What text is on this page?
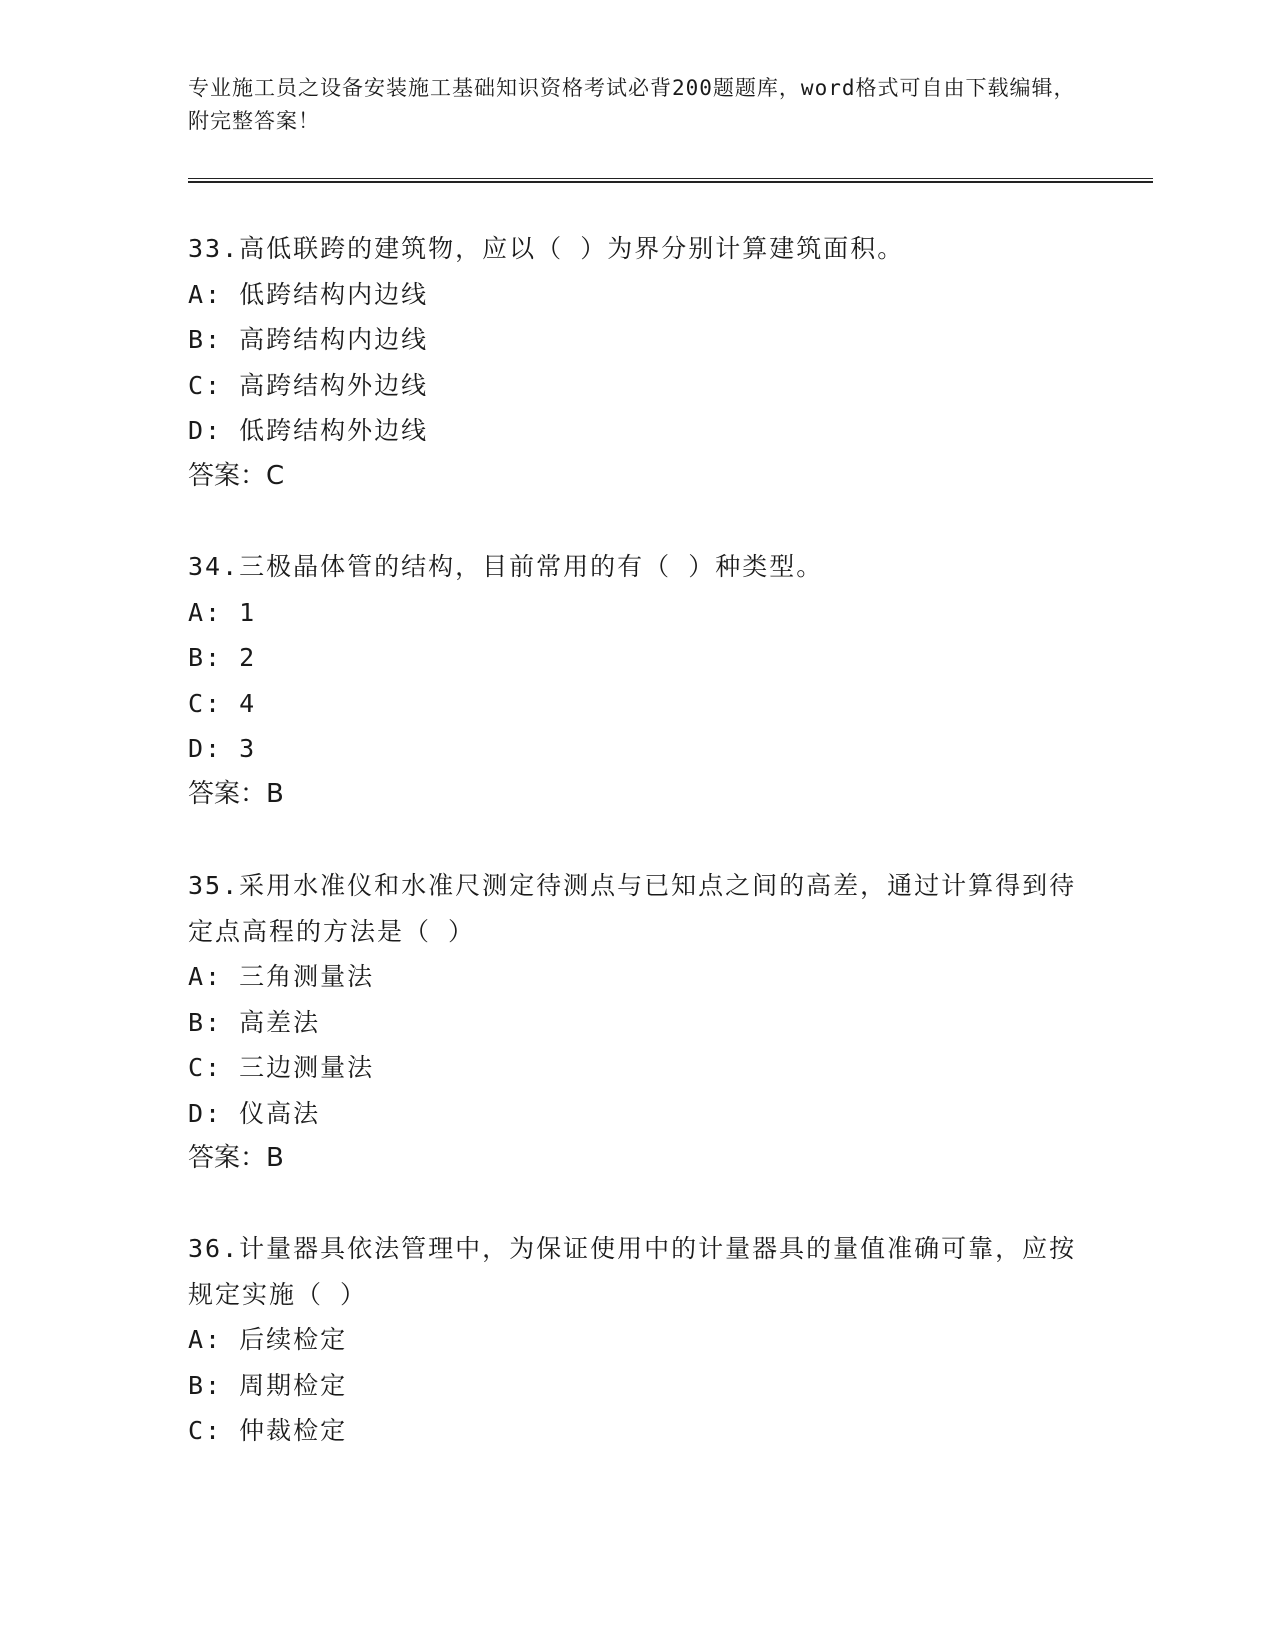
专业施工员之设备安装施工基础知识资格考试必背200题题库，word格式可自由下载编辑，附完整答案！

33.高低联跨的建筑物，应以（ ）为界分别计算建筑面积。

A: 低跨结构内边线

B: 高跨结构内边线

C: 高跨结构外边线

D: 低跨结构外边线

答案：C

34.三极晶体管的结构，目前常用的有（ ）种类型。

A: 1

B: 2

C: 4

D: 3

答案：B

35.采用水准仪和水准尺测定待测点与已知点之间的高差，通过计算得到待定点高程的方法是（ ）

A: 三角测量法

B: 高差法

C: 三边测量法

D: 仪高法

答案：B

36.计量器具依法管理中，为保证使用中的计量器具的量值准确可靠，应按规定实施（ ）

A: 后续检定

B: 周期检定

C: 仲裁检定
